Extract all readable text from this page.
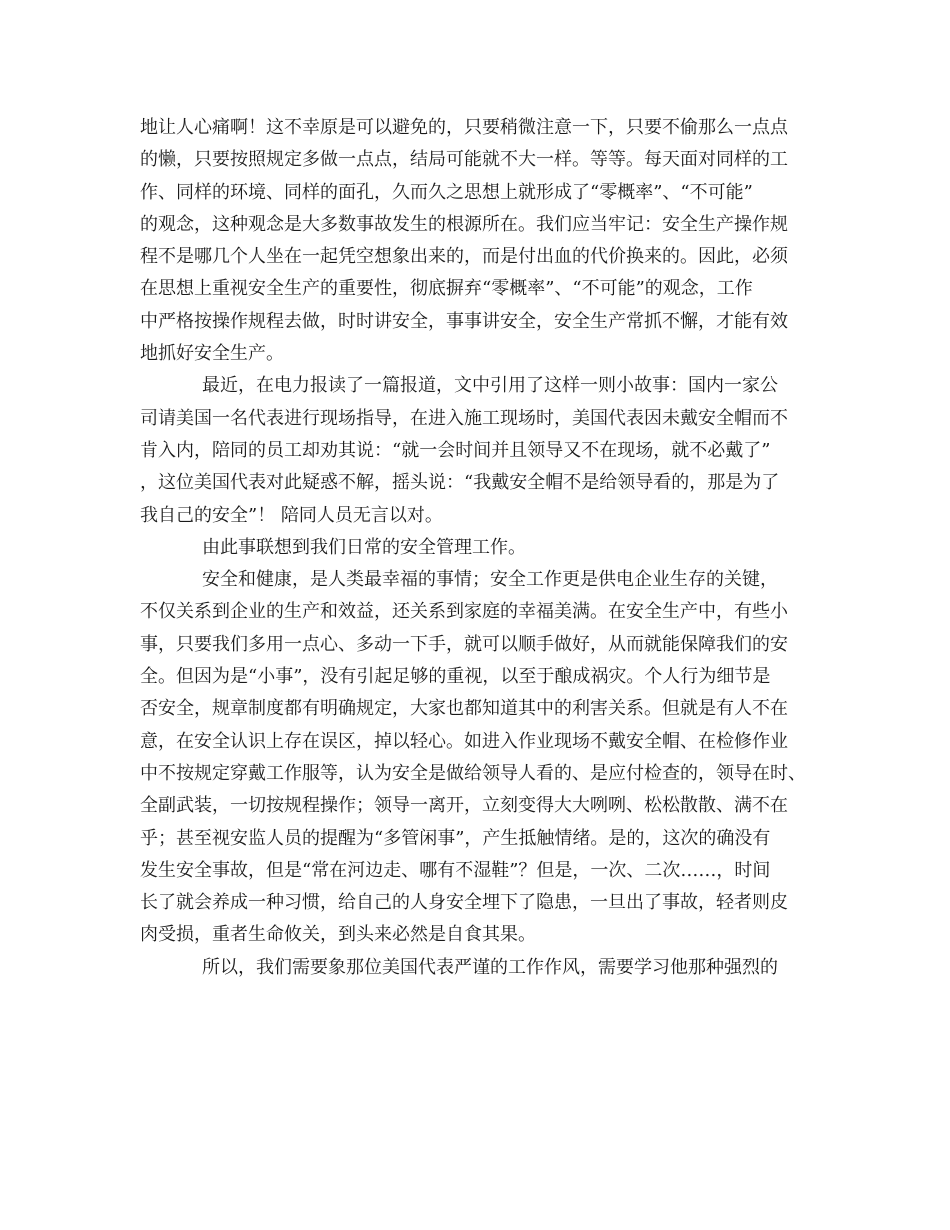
地让人心痛啊！这不幸原是可以避免的，只要稍微注意一下，只要不偷那么一点点
的懒，只要按照规定多做一点点，结局可能就不大一样。等等。每天面对同样的工
作、同样的环境、同样的面孔，久而久之思想上就形成了“零概率”、“不可能”
的观念，这种观念是大多数事故发生的根源所在。我们应当牢记：安全生产操作规
程不是哪几个人坐在一起凭空想象出来的，而是付出血的代价换来的。因此，必须
在思想上重视安全生产的重要性，彻底摒弃“零概率”、“不可能”的观念，工作
中严格按操作规程去做，时时讲安全，事事讲安全，安全生产常抓不懈，才能有效
地抓好安全生产。
最近，在电力报读了一篇报道，文中引用了这样一则小故事：国内一家公
司请美国一名代表进行现场指导，在进入施工现场时，美国代表因未戴安全帽而不
肯入内，陪同的员工却劝其说：“就一会时间并且领导又不在现场，就不必戴了”
，这位美国代表对此疑惑不解，摇头说：“我戴安全帽不是给领导看的，那是为了
我自己的安全”！ 陪同人员无言以对。
由此事联想到我们日常的安全管理工作。
安全和健康，是人类最幸福的事情；安全工作更是供电企业生存的关键，
不仅关系到企业的生产和效益，还关系到家庭的幸福美满。在安全生产中，有些小
事，只要我们多用一点心、多动一下手，就可以顺手做好，从而就能保障我们的安
全。但因为是“小事”，没有引起足够的重视，以至于酿成祸灾。个人行为细节是
否安全，规章制度都有明确规定，大家也都知道其中的利害关系。但就是有人不在
意，在安全认识上存在误区，掉以轻心。如进入作业现场不戴安全帽、在检修作业
中不按规定穿戴工作服等，认为安全是做给领导人看的、是应付检查的，领导在时、
全副武装，一切按规程操作；领导一离开，立刻变得大大咧咧、松松散散、满不在
乎；甚至视安监人员的提醒为“多管闲事”，产生抵触情绪。是的，这次的确没有
发生安全事故，但是“常在河边走、哪有不湿鞋”？但是，一次、二次……，时间
长了就会养成一种习惯，给自己的人身安全埋下了隐患，一旦出了事故，轻者则皮
肉受损，重者生命攸关，到头来必然是自食其果。
所以，我们需要象那位美国代表严谨的工作作风，需要学习他那种强烈的
